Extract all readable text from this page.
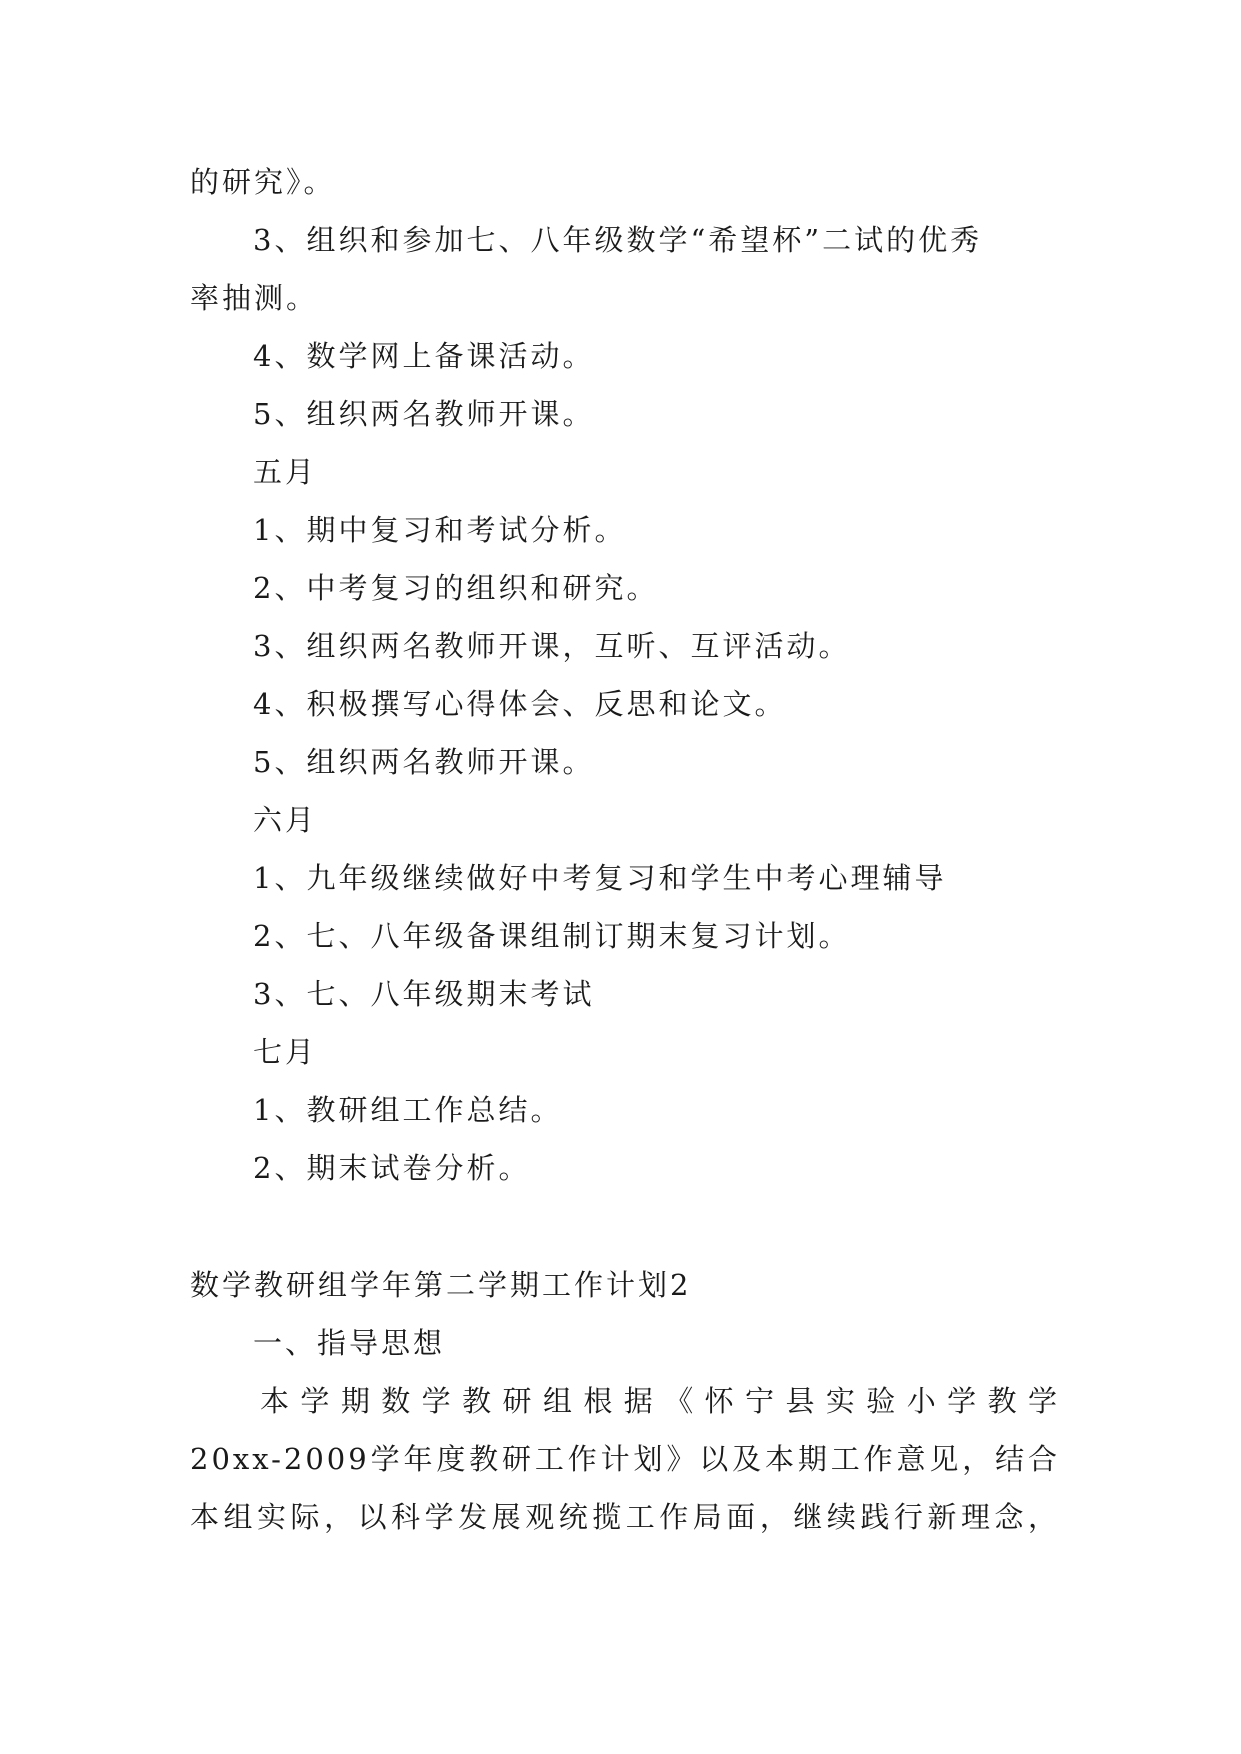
的研究》。
3、组织和参加七、八年级数学“希望杯”二试的优秀
率抽测。
4、数学网上备课活动。
5、组织两名教师开课。
五月
1、期中复习和考试分析。
2、中考复习的组织和研究。
3、组织两名教师开课，互听、互评活动。
4、积极撰写心得体会、反思和论文。
5、组织两名教师开课。
六月
1、九年级继续做好中考复习和学生中考心理辅导
2、七、八年级备课组制订期末复习计划。
3、七、八年级期末考试
七月
1、教研组工作总结。
2、期末试卷分析。
数学教研组学年第二学期工作计划2
一、指导思想
本学期数学教研组根据《怀宁县实验小学教学
20xx-2009学年度教研工作计划》以及本期工作意见，结合
本组实际，以科学发展观统揽工作局面，继续践行新理念，
